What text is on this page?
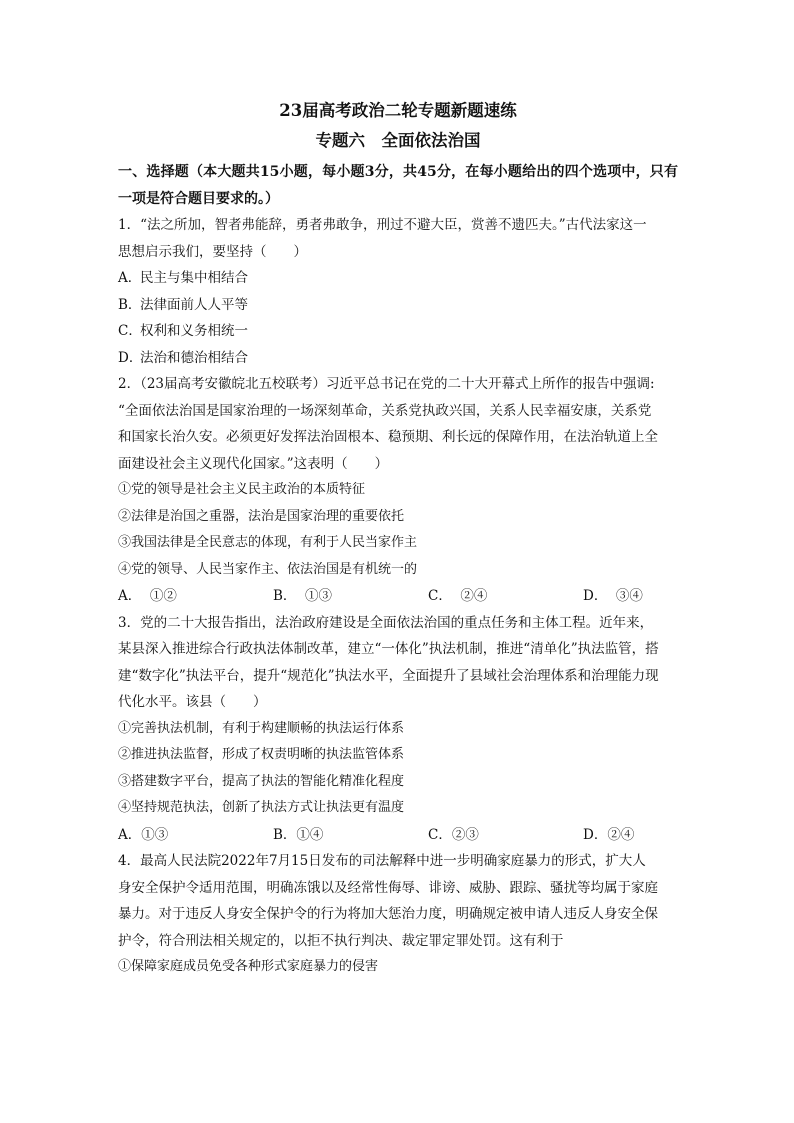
23届高考政治二轮专题新题速练
专题六　全面依法治国

一、选择题（本大题共15小题，每小题3分，共45分，在每小题给出的四个选项中，只有一项是符合题目要求的。）

1．“法之所加，智者弗能辞，勇者弗敢争，刑过不避大臣，赏善不遗匹夫。”古代法家这一

思想启示我们，要坚持（　　）

A．民主与集中相结合

B．法律面前人人平等

C．权利和义务相统一

D．法治和德治相结合

2．（23届高考安徽皖北五校联考）习近平总书记在党的二十大开幕式上所作的报告中强调:

“全面依法治国是国家治理的一场深刻革命，关系党执政兴国，关系人民幸福安康，关系党

和国家长治久安。必须更好发挥法治固根本、稳预期、利长远的保障作用，在法治轨道上全

面建设社会主义现代化国家。”这表明（　　）

①党的领导是社会主义民主政治的本质特征

②法律是治国之重器，法治是国家治理的重要依托

③我国法律是全民意志的体现，有利于人民当家作主

④党的领导、人民当家作主、依法治国是有机统一的

A．  ①②	B．  ①③	C．  ②④	D．  ③④

3．党的二十大报告指出，法治政府建设是全面依法治国的重点任务和主体工程。近年来，

某县深入推进综合行政执法体制改革，建立“一体化”执法机制，推进“清单化”执法监管，搭

建“数字化”执法平台，提升“规范化”执法水平，全面提升了县域社会治理体系和治理能力现

代化水平。该县（　　）

①完善执法机制，有利于构建顺畅的执法运行体系

②推进执法监督，形成了权责明晰的执法监管体系

③搭建数字平台，提高了执法的智能化精准化程度

④坚持规范执法，创新了执法方式让执法更有温度

A．①③	B．①④	C．②③	D．②④

4．最高人民法院2022年7月15日发布的司法解释中进一步明确家庭暴力的形式，扩大人

身安全保护令适用范围，明确冻饿以及经常性侮辱、诽谤、威胁、跟踪、骚扰等均属于家庭

暴力。对于违反人身安全保护令的行为将加大惩治力度，明确规定被申请人违反人身安全保

护令，符合刑法相关规定的，以拒不执行判决、裁定罪定罪处罚。这有利于

①保障家庭成员免受各种形式家庭暴力的侵害
